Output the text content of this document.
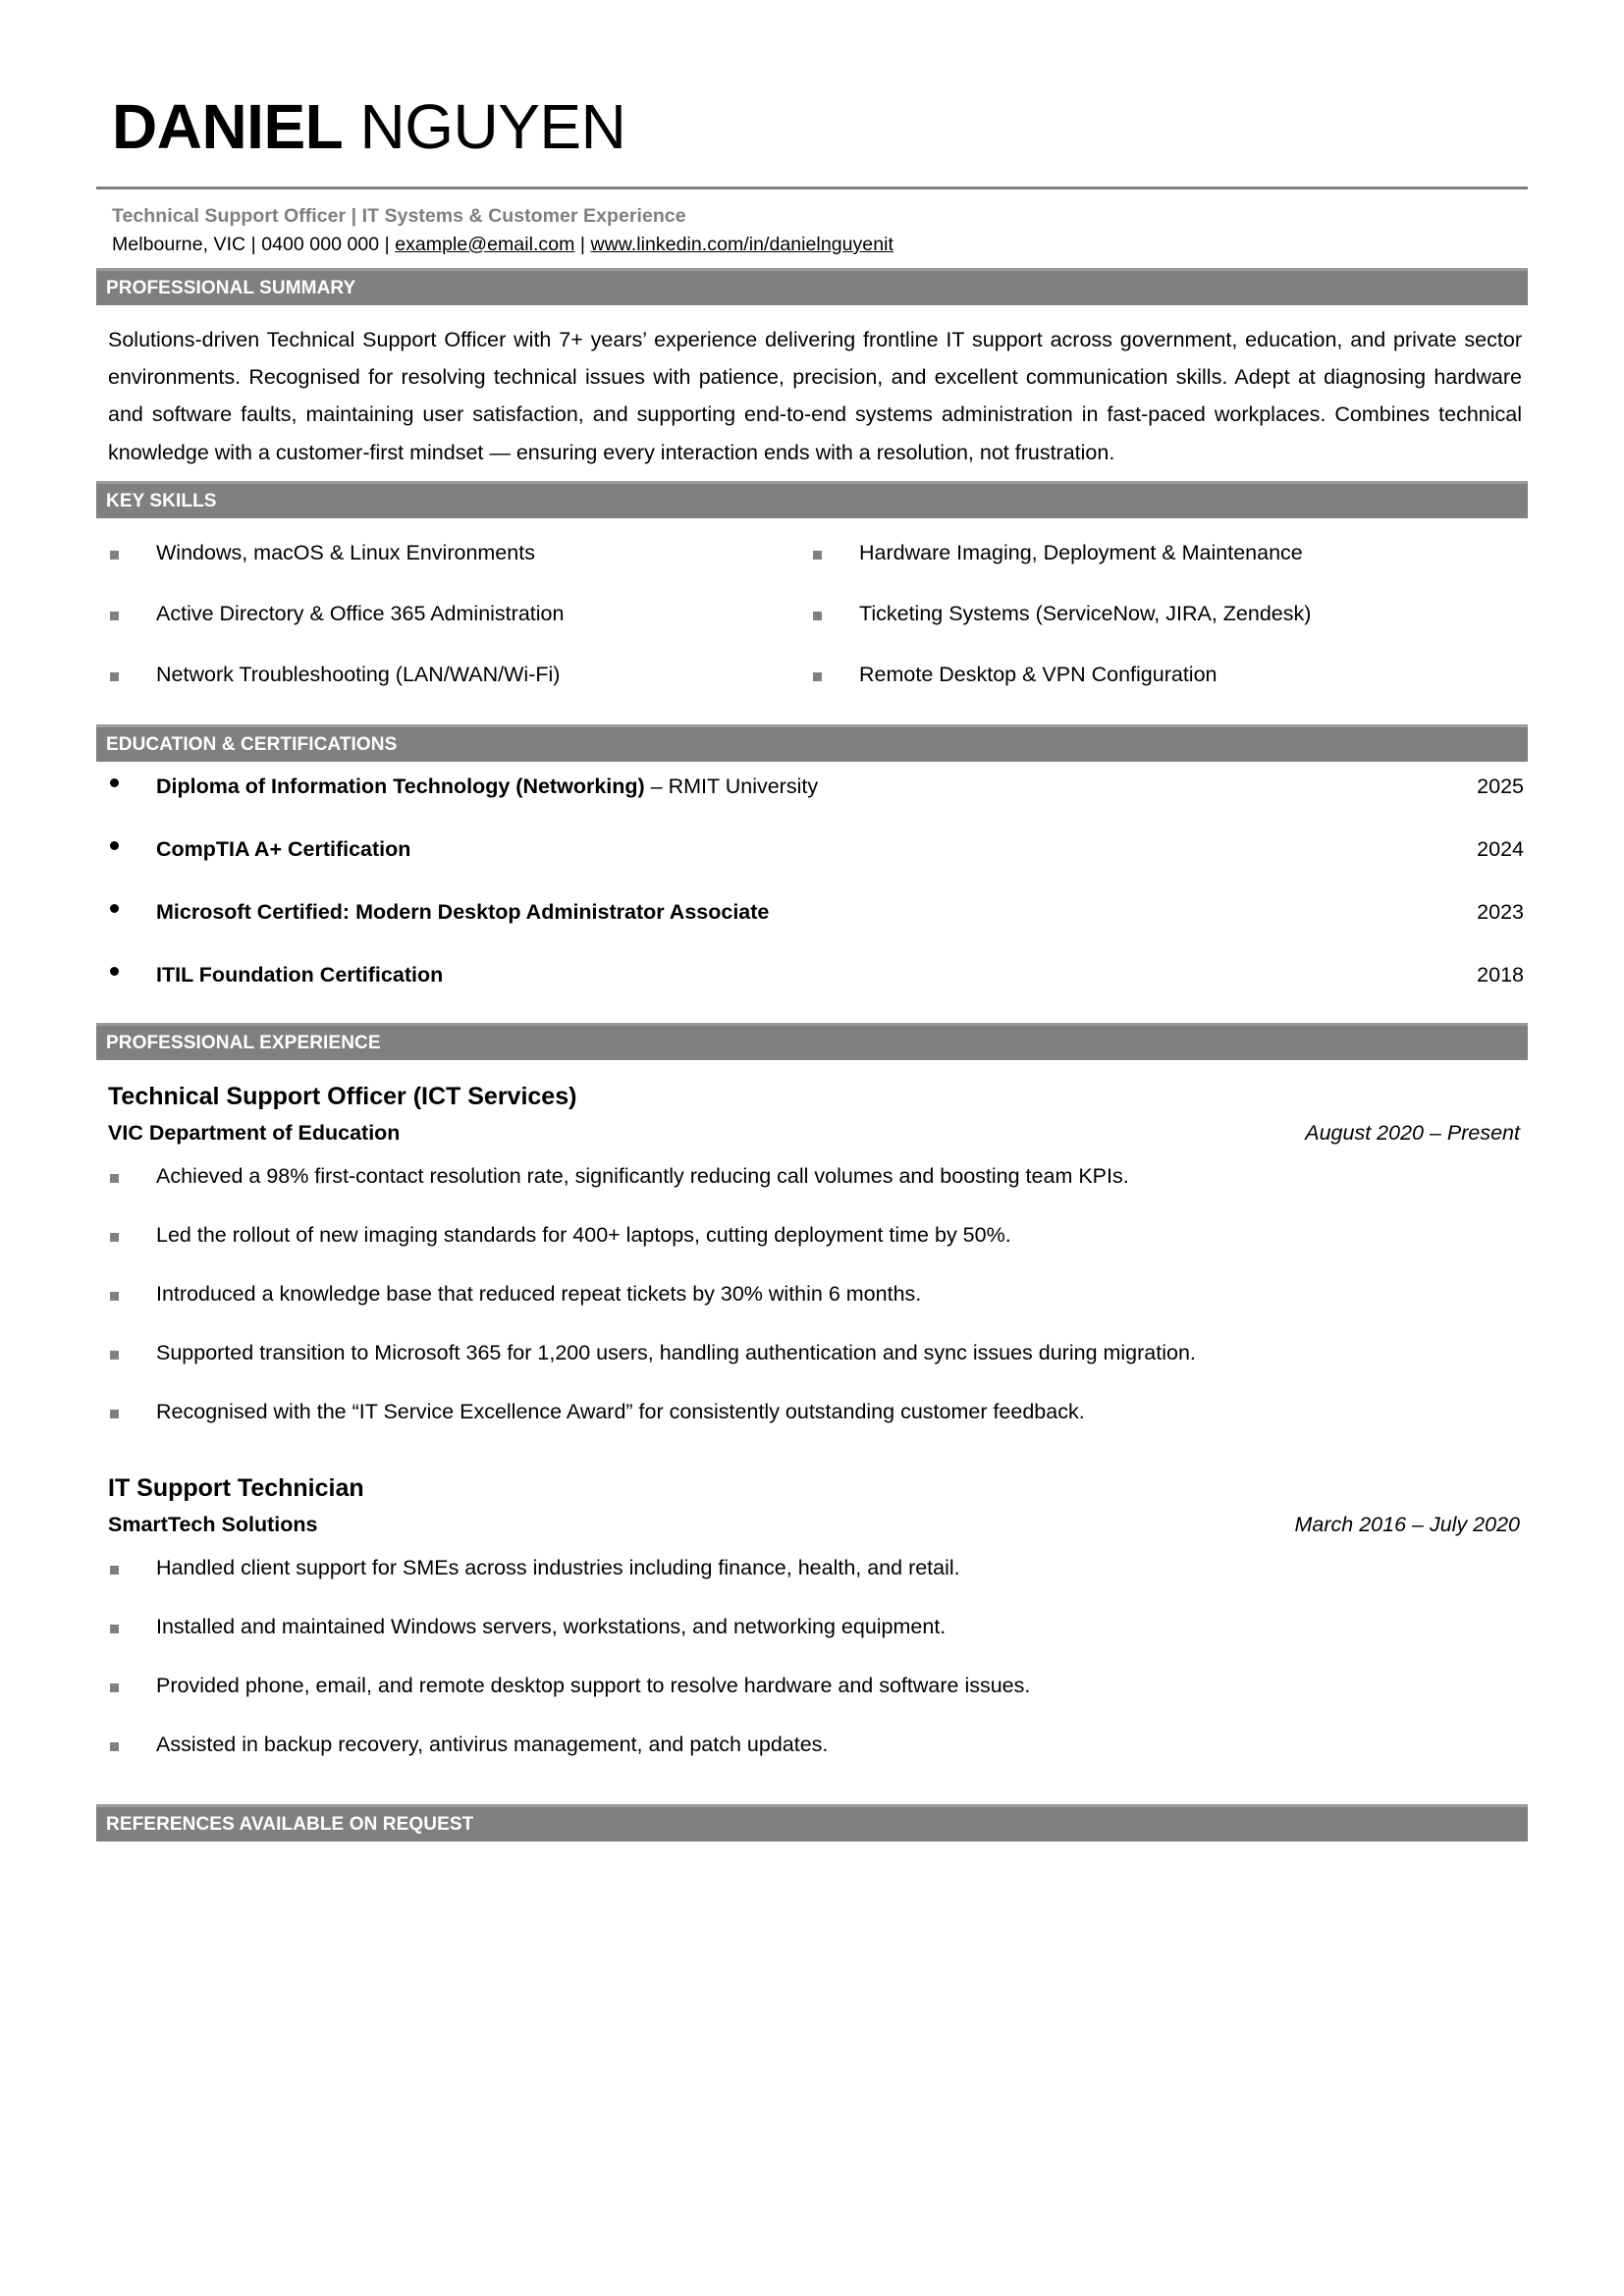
DANIEL NGUYEN
Technical Support Officer | IT Systems & Customer Experience
Melbourne, VIC | 0400 000 000 | example@email.com | www.linkedin.com/in/danielnguyenit
PROFESSIONAL SUMMARY

Solutions-driven Technical Support Officer with 7+ years’ experience delivering frontline IT support across government, education, and private sector environments. Recognised for resolving technical issues with patience, precision, and excellent communication skills. Adept at diagnosing hardware and software faults, maintaining user satisfaction, and supporting end-to-end systems administration in fast-paced workplaces. Combines technical knowledge with a customer-first mindset — ensuring every interaction ends with a resolution, not frustration.

KEY SKILLS
Windows, macOS & Linux Environments	Hardware Imaging, Deployment & Maintenance
Active Directory & Office 365 Administration	Ticketing Systems (ServiceNow, JIRA, Zendesk)
Network Troubleshooting (LAN/WAN/Wi-Fi)	Remote Desktop & VPN Configuration
EDUCATION & CERTIFICATIONS
Diploma of Information Technology (Networking) – RMIT University	2025
CompTIA A+ Certification	2024
Microsoft Certified: Modern Desktop Administrator Associate	2023
ITIL Foundation Certification	2018
PROFESSIONAL EXPERIENCE
Technical Support Officer (ICT Services)
VIC Department of Education	August 2020 – Present
Achieved a 98% first-contact resolution rate, significantly reducing call volumes and boosting team KPIs.
Led the rollout of new imaging standards for 400+ laptops, cutting deployment time by 50%.
Introduced a knowledge base that reduced repeat tickets by 30% within 6 months.
Supported transition to Microsoft 365 for 1,200 users, handling authentication and sync issues during migration.
Recognised with the “IT Service Excellence Award” for consistently outstanding customer feedback.
IT Support Technician
SmartTech Solutions	March 2016 – July 2020
Handled client support for SMEs across industries including finance, health, and retail.
Installed and maintained Windows servers, workstations, and networking equipment.
Provided phone, email, and remote desktop support to resolve hardware and software issues.
Assisted in backup recovery, antivirus management, and patch updates.
REFERENCES AVAILABLE ON REQUEST
